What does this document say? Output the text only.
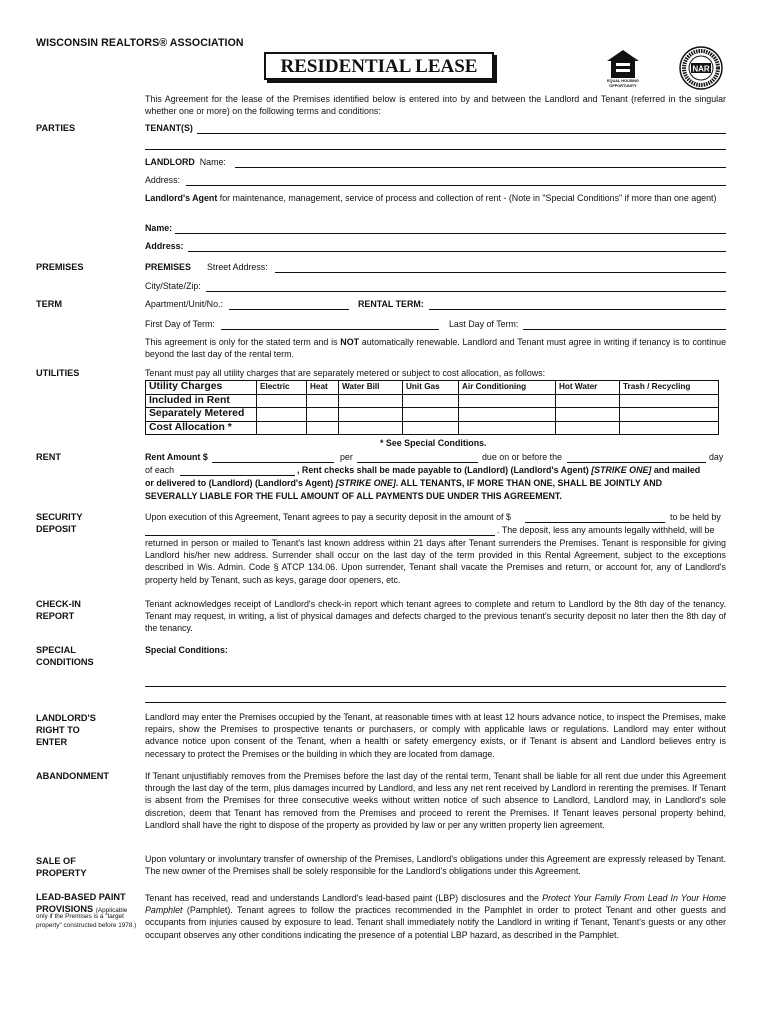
WISCONSIN REALTORS® ASSOCIATION
RESIDENTIAL LEASE
EQUAL HOUSING OPPORTUNITY
NAR
This Agreement for the lease of the Premises identified below is entered into by and between the Landlord and Tenant (referred in the singular whether one or more) on the following terms and conditions:
PARTIES	TENANT(S)
LANDLORD Name:
Address:
Landlord's Agent for maintenance, management, service of process and collection of rent - (Note in "Special Conditions" if more than one agent)
Name:
Address:
PREMISES	PREMISES Street Address:
City/State/Zip:
TERM	Apartment/Unit/No.:	RENTAL TERM:
First Day of Term:	Last Day of Term:
This agreement is only for the stated term and is NOT automatically renewable. Landlord and Tenant must agree in writing if tenancy is to continue beyond the last day of the rental term.
UTILITIES	Tenant must pay all utility charges that are separately metered or subject to cost allocation, as follows:
Utility Charges	Electric	Heat	Water Bill	Unit Gas	Air Conditioning	Hot Water	Trash / Recycling
Included in Rent							
Separately Metered							
Cost Allocation *							
* See Special Conditions.
RENT	Rent Amount $	per	due on or before the	day
of each	, Rent checks shall be made payable to (Landlord) (Landlord's Agent) [STRIKE ONE] and mailed
or delivered to (Landlord) (Landlord's Agent) [STRIKE ONE]. ALL TENANTS, IF MORE THAN ONE, SHALL BE JOINTLY AND
SEVERALLY LIABLE FOR THE FULL AMOUNT OF ALL PAYMENTS DUE UNDER THIS AGREEMENT.
SECURITY
DEPOSIT
Upon execution of this Agreement, Tenant agrees to pay a security deposit in the amount of $	to be held by
. The deposit, less any amounts legally withheld, will be
returned in person or mailed to Tenant's last known address within 21 days after Tenant surrenders the Premises. Tenant is responsible for giving Landlord his/her new address. Surrender shall occur on the last day of the term provided in this Rental Agreement, subject to the exceptions described in Wis. Admin. Code § ATCP 134.06. Upon surrender, Tenant shall vacate the Premises and return, or account for, any of Landlord's property held by Tenant, such as keys, garage door openers, etc.
CHECK-IN
REPORT
Tenant acknowledges receipt of Landlord's check-in report which tenant agrees to complete and return to Landlord by the 8th day of the tenancy. Tenant may request, in writing, a list of physical damages and defects charged to the previous tenant's security deposit no later then the 8th day of the tenancy.
SPECIAL
CONDITIONS
Special Conditions:
LANDLORD'S
RIGHT TO
ENTER
Landlord may enter the Premises occupied by the Tenant, at reasonable times with at least 12 hours advance notice, to inspect the Premises, make repairs, show the Premises to prospective tenants or purchasers, or comply with applicable laws or regulations. Landlord may enter without advance notice upon consent of the Tenant, when a health or safety emergency exists, or if Tenant is absent and Landlord believes entry is necessary to protect the Premises or the building in which they are located from damage.
ABANDONMENT	If Tenant unjustifiably removes from the Premises before the last day of the rental term, Tenant shall be liable for all rent due under this Agreement through the last day of the term, plus damages incurred by Landlord, and less any net rent received by Landlord in rerenting the premises. If Tenant is absent from the Premises for three consecutive weeks without written notice of such absence to Landlord, Landlord may, in Landlord's sole discretion, deem that Tenant has removed from the Premises and proceed to rerent the Premises. If Tenant leaves personal property behind, Landlord shall have the right to dispose of the property as provided by law or per any written property lien agreement.
SALE OF
PROPERTY
Upon voluntary or involuntary transfer of ownership of the Premises, Landlord's obligations under this Agreement are expressly released by Tenant. The new owner of the Premises shall be solely responsible for the Landlord's obligations under this Agreement.
LEAD-BASED PAINT
PROVISIONS (Applicable
only if the Premises is a "target property" constructed before 1978.)
Tenant has received, read and understands Landlord's lead-based paint (LBP) disclosures and the Protect Your Family From Lead In Your Home Pamphlet (Pamphlet). Tenant agrees to follow the practices recommended in the Pamphlet in order to protect Tenant and other guests and occupants from injuries caused by exposure to lead. Tenant shall immediately notify the Landlord in writing if Tenant, Tenant's guests or any other occupant observes any other conditions indicating the presence of a potential LBP hazard, as described in the Pamphlet.
